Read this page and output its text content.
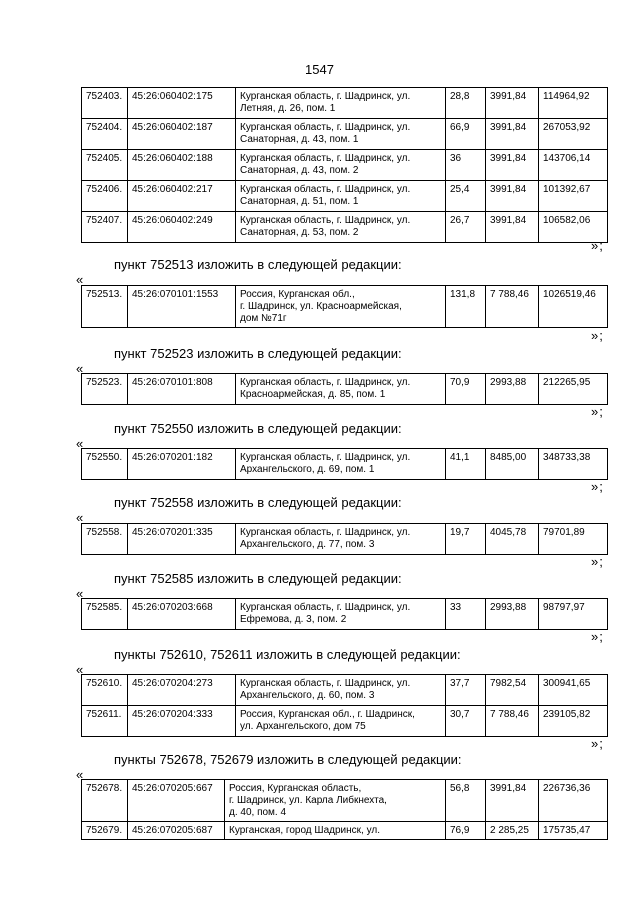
1547
752403.	45:26:060402:175	Курганская область, г. Шадринск, ул.
Летняя, д. 26, пом. 1	28,8	3991,84	114964,92
752404.	45:26:060402:187	Курганская область, г. Шадринск, ул.
Санаторная, д. 43, пом. 1	66,9	3991,84	267053,92
752405.	45:26:060402:188	Курганская область, г. Шадринск, ул.
Санаторная, д. 43, пом. 2	36	3991,84	143706,14
752406.	45:26:060402:217	Курганская область, г. Шадринск, ул.
Санаторная, д. 51, пом. 1	25,4	3991,84	101392,67
752407.	45:26:060402:249	Курганская область, г. Шадринск, ул.
Санаторная, д. 53, пом. 2	26,7	3991,84	106582,06
»;
пункт 752513 изложить в следующей редакции:
«
752513.	45:26:070101:1553	Россия, Курганская обл.,
г. Шадринск, ул. Красноармейская,
дом №71г	131,8	7 788,46	1026519,46
»;
пункт 752523 изложить в следующей редакции:
«
752523.	45:26:070101:808	Курганская область, г. Шадринск, ул.
Красноармейская, д. 85, пом. 1	70,9	2993,88	212265,95
»;
пункт 752550 изложить в следующей редакции:
«
752550.	45:26:070201:182	Курганская область, г. Шадринск, ул.
Архангельского, д. 69, пом. 1	41,1	8485,00	348733,38
»;
пункт 752558 изложить в следующей редакции:
«
752558.	45:26:070201:335	Курганская область, г. Шадринск, ул.
Архангельского, д. 77, пом. 3	19,7	4045,78	79701,89
»;
пункт 752585 изложить в следующей редакции:
«
752585.	45:26:070203:668	Курганская область, г. Шадринск, ул.
Ефремова, д. 3, пом. 2	33	2993,88	98797,97
»;
пункты 752610, 752611 изложить в следующей редакции:
«
752610.	45:26:070204:273	Курганская область, г. Шадринск, ул.
Архангельского, д. 60, пом. 3	37,7	7982,54	300941,65
752611.	45:26:070204:333	Россия, Курганская обл., г. Шадринск,
ул. Архангельского, дом 75	30,7	7 788,46	239105,82
»;
пункты 752678, 752679 изложить в следующей редакции:
«
752678.	45:26:070205:667	Россия, Курганская область,
г. Шадринск, ул. Карла Либкнехта,
д. 40, пом. 4	56,8	3991,84	226736,36
752679.	45:26:070205:687	Курганская, город Шадринск, ул.	76,9	2 285,25	175735,47
